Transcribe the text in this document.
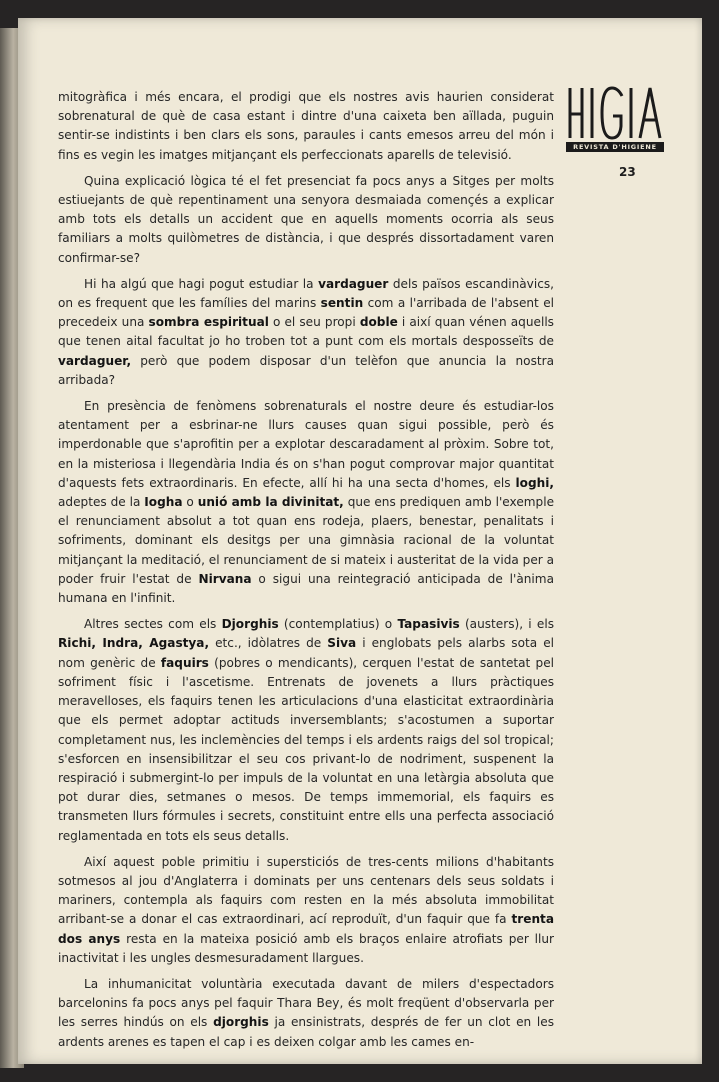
REVISTA D'HIGIENE
23

mitogràfica i més encara, el prodigi que els nostres avis haurien considerat sobrenatural de què de casa estant i dintre d'una caixeta ben aïllada, puguin sentir-se indistints i ben clars els sons, paraules i cants emesos arreu del món i fins es vegin les imatges mitjançant els perfeccionats aparells de televisió.

Quina explicació lògica té el fet presenciat fa pocs anys a Sitges per molts estiuejants de què repentinament una senyora desmaiada començés a explicar amb tots els detalls un accident que en aquells moments ocorria als seus familiars a molts quilòmetres de distància, i que després dissortadament varen confirmar-se?

Hi ha algú que hagi pogut estudiar la vardaguer dels països escandinàvics, on es frequent que les famílies del marins sentin com a l'arribada de l'absent el precedeix una sombra espiritual o el seu propi doble i així quan vénen aquells que tenen aital facultat jo ho troben tot a punt com els mortals desposseïts de vardaguer, però que podem disposar d'un telèfon que anuncia la nostra arribada?

En presència de fenòmens sobrenaturals el nostre deure és estudiar-los atentament per a esbrinar-ne llurs causes quan sigui possible, però és imperdonable que s'aprofitin per a explotar descaradament al pròxim. Sobre tot, en la misteriosa i llegendària India és on s'han pogut comprovar major quantitat d'aquests fets extraordinaris. En efecte, allí hi ha una secta d'homes, els loghi, adeptes de la Iogha o unió amb la divinitat, que ens prediquen amb l'exemple el renunciament absolut a tot quan ens rodeja, plaers, benestar, penalitats i sofriments, dominant els desitgs per una gimnàsia racional de la voluntat mitjançant la meditació, el renunciament de si mateix i austeritat de la vida per a poder fruir l'estat de Nirvana o sigui una reintegració anticipada de l'ànima humana en l'infinit.

Altres sectes com els Djorghis (contemplatius) o Tapasivis (austers), i els Richi, Indra, Agastya, etc., idòlatres de Siva i englobats pels alarbs sota el nom genèric de faquirs (pobres o mendicants), cerquen l'estat de santetat pel sofriment físic i l'ascetisme. Entrenats de jovenets a llurs pràctiques meravelloses, els faquirs tenen les articulacions d'una elasticitat extraordinària que els permet adoptar actituds inversemblants; s'acostumen a suportar completament nus, les inclemències del temps i els ardents raigs del sol tropical; s'esforcen en insensibilitzar el seu cos privant-lo de nodriment, suspenent la respiració i submergint-lo per impuls de la voluntat en una letàrgia absoluta que pot durar dies, setmanes o mesos. De temps immemorial, els faquirs es transmeten llurs fórmules i secrets, constituint entre ells una perfecta associació reglamentada en tots els seus detalls.

Així aquest poble primitiu i supersticiós de tres-cents milions d'habitants sotmesos al jou d'Anglaterra i dominats per uns centenars dels seus soldats i mariners, contempla als faquirs com resten en la més absoluta immobilitat arribant-se a donar el cas extraordinari, ací reproduït, d'un faquir que fa trenta dos anys resta en la mateixa posició amb els braços enlaire atrofiats per llur inactivitat i les ungles desmesuradament llargues.

La inhumanicitat voluntària executada davant de milers d'espectadors barcelonins fa pocs anys pel faquir Thara Bey, és molt freqüent d'observarla per les serres hindús on els djorghis ja ensinistrats, després de fer un clot en les ardents arenes es tapen el cap i es deixen colgar amb les cames en-
